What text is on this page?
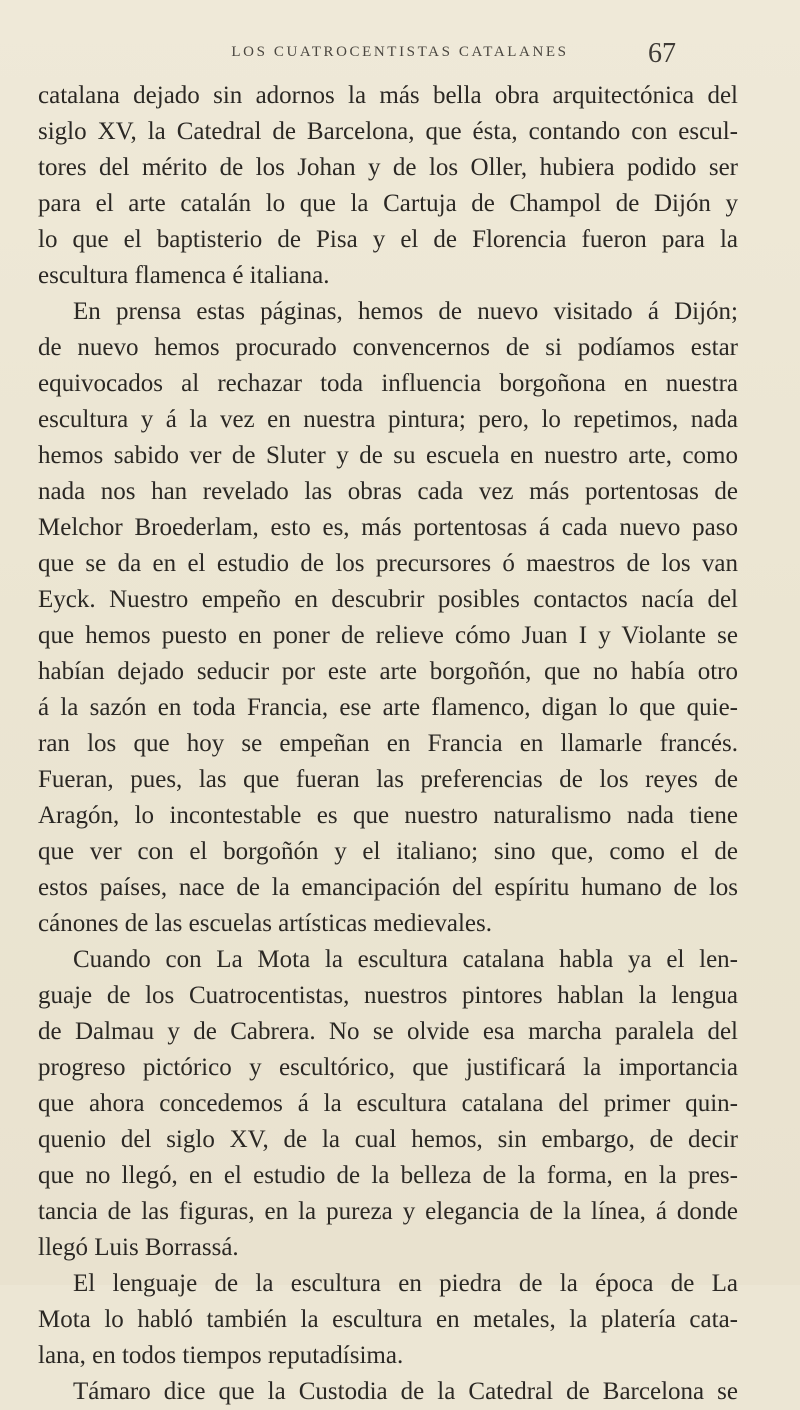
LOS CUATROCENTISTAS CATALANES	67
catalana dejado sin adornos la más bella obra arquitectónica del
siglo XV, la Catedral de Barcelona, que ésta, contando con escul-
tores del mérito de los Johan y de los Oller, hubiera podido ser
para el arte catalán lo que la Cartuja de Champol de Dijón y
lo que el baptisterio de Pisa y el de Florencia fueron para la
escultura flamenca é italiana.
En prensa estas páginas, hemos de nuevo visitado á Dijón;
de nuevo hemos procurado convencernos de si podíamos estar
equivocados al rechazar toda influencia borgoñona en nuestra
escultura y á la vez en nuestra pintura; pero, lo repetimos, nada
hemos sabido ver de Sluter y de su escuela en nuestro arte, como
nada nos han revelado las obras cada vez más portentosas de
Melchor Broederlam, esto es, más portentosas á cada nuevo paso
que se da en el estudio de los precursores ó maestros de los van
Eyck. Nuestro empeño en descubrir posibles contactos nacía del
que hemos puesto en poner de relieve cómo Juan I y Violante se
habían dejado seducir por este arte borgoñón, que no había otro
á la sazón en toda Francia, ese arte flamenco, digan lo que quie-
ran los que hoy se empeñan en Francia en llamarle francés.
Fueran, pues, las que fueran las preferencias de los reyes de
Aragón, lo incontestable es que nuestro naturalismo nada tiene
que ver con el borgoñón y el italiano; sino que, como el de
estos países, nace de la emancipación del espíritu humano de los
cánones de las escuelas artísticas medievales.
Cuando con La Mota la escultura catalana habla ya el len-
guaje de los Cuatrocentistas, nuestros pintores hablan la lengua
de Dalmau y de Cabrera. No se olvide esa marcha paralela del
progreso pictórico y escultórico, que justificará la importancia
que ahora concedemos á la escultura catalana del primer quin-
quenio del siglo XV, de la cual hemos, sin embargo, de decir
que no llegó, en el estudio de la belleza de la forma, en la pres-
tancia de las figuras, en la pureza y elegancia de la línea, á donde
llegó Luis Borrassá.
El lenguaje de la escultura en piedra de la época de La
Mota lo habló también la escultura en metales, la platería cata-
lana, en todos tiempos reputadísima.
Támaro dice que la Custodia de la Catedral de Barcelona se
